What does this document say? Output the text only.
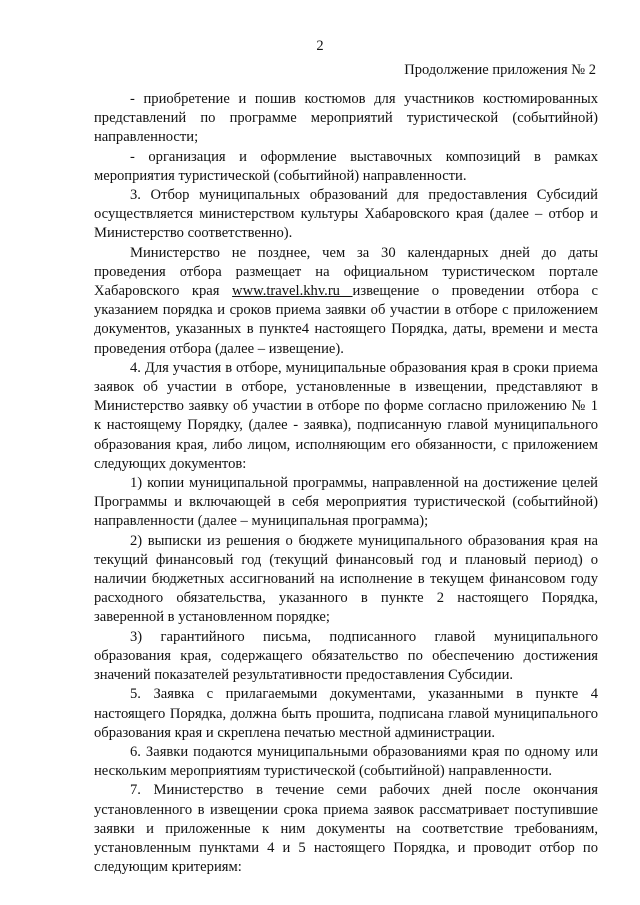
2
Продолжение приложения № 2

- приобретение и пошив костюмов для участников костюмированных представлений по программе мероприятий туристической (событийной) направленности;

- организация и оформление выставочных композиций в рамках мероприятия туристической (событийной) направленности.

3. Отбор муниципальных образований для предоставления Субсидий осуществляется министерством культуры Хабаровского края (далее – отбор и Министерство соответственно).

Министерство не позднее, чем за 30 календарных дней до даты проведения отбора размещает на официальном туристическом портале Хабаровского края www.travel.khv.ru извещение о проведении отбора с указанием порядка и сроков приема заявки об участии в отборе с приложением документов, указанных в пункте4 настоящего Порядка, даты, времени и места проведения отбора (далее – извещение).

4. Для участия в отборе, муниципальные образования края в сроки приема заявок об участии в отборе, установленные в извещении, представляют в Министерство заявку об участии в отборе по форме согласно приложению № 1 к настоящему Порядку, (далее - заявка), подписанную главой муниципального образования края, либо лицом, исполняющим его обязанности, с приложением следующих документов:

1) копии муниципальной программы, направленной на достижение целей Программы и включающей в себя мероприятия туристической (событийной) направленности (далее – муниципальная программа);

2) выписки из решения о бюджете муниципального образования края на текущий финансовый год (текущий финансовый год и плановый период) о наличии бюджетных ассигнований на исполнение в текущем финансовом году расходного обязательства, указанного в пункте 2 настоящего Порядка, заверенной в установленном порядке;

3) гарантийного письма, подписанного главой муниципального образования края, содержащего обязательство по обеспечению достижения значений показателей результативности предоставления Субсидии.

5. Заявка с прилагаемыми документами, указанными в пункте 4 настоящего Порядка, должна быть прошита, подписана главой муниципального образования края и скреплена печатью местной администрации.

6. Заявки подаются муниципальными образованиями края по одному или нескольким мероприятиям туристической (событийной) направленности.

7. Министерство в течение семи рабочих дней после окончания установленного в извещении срока приема заявок рассматривает поступившие заявки и приложенные к ним документы на соответствие требованиям, установленным пунктами 4 и 5 настоящего Порядка, и проводит отбор по следующим критериям:
